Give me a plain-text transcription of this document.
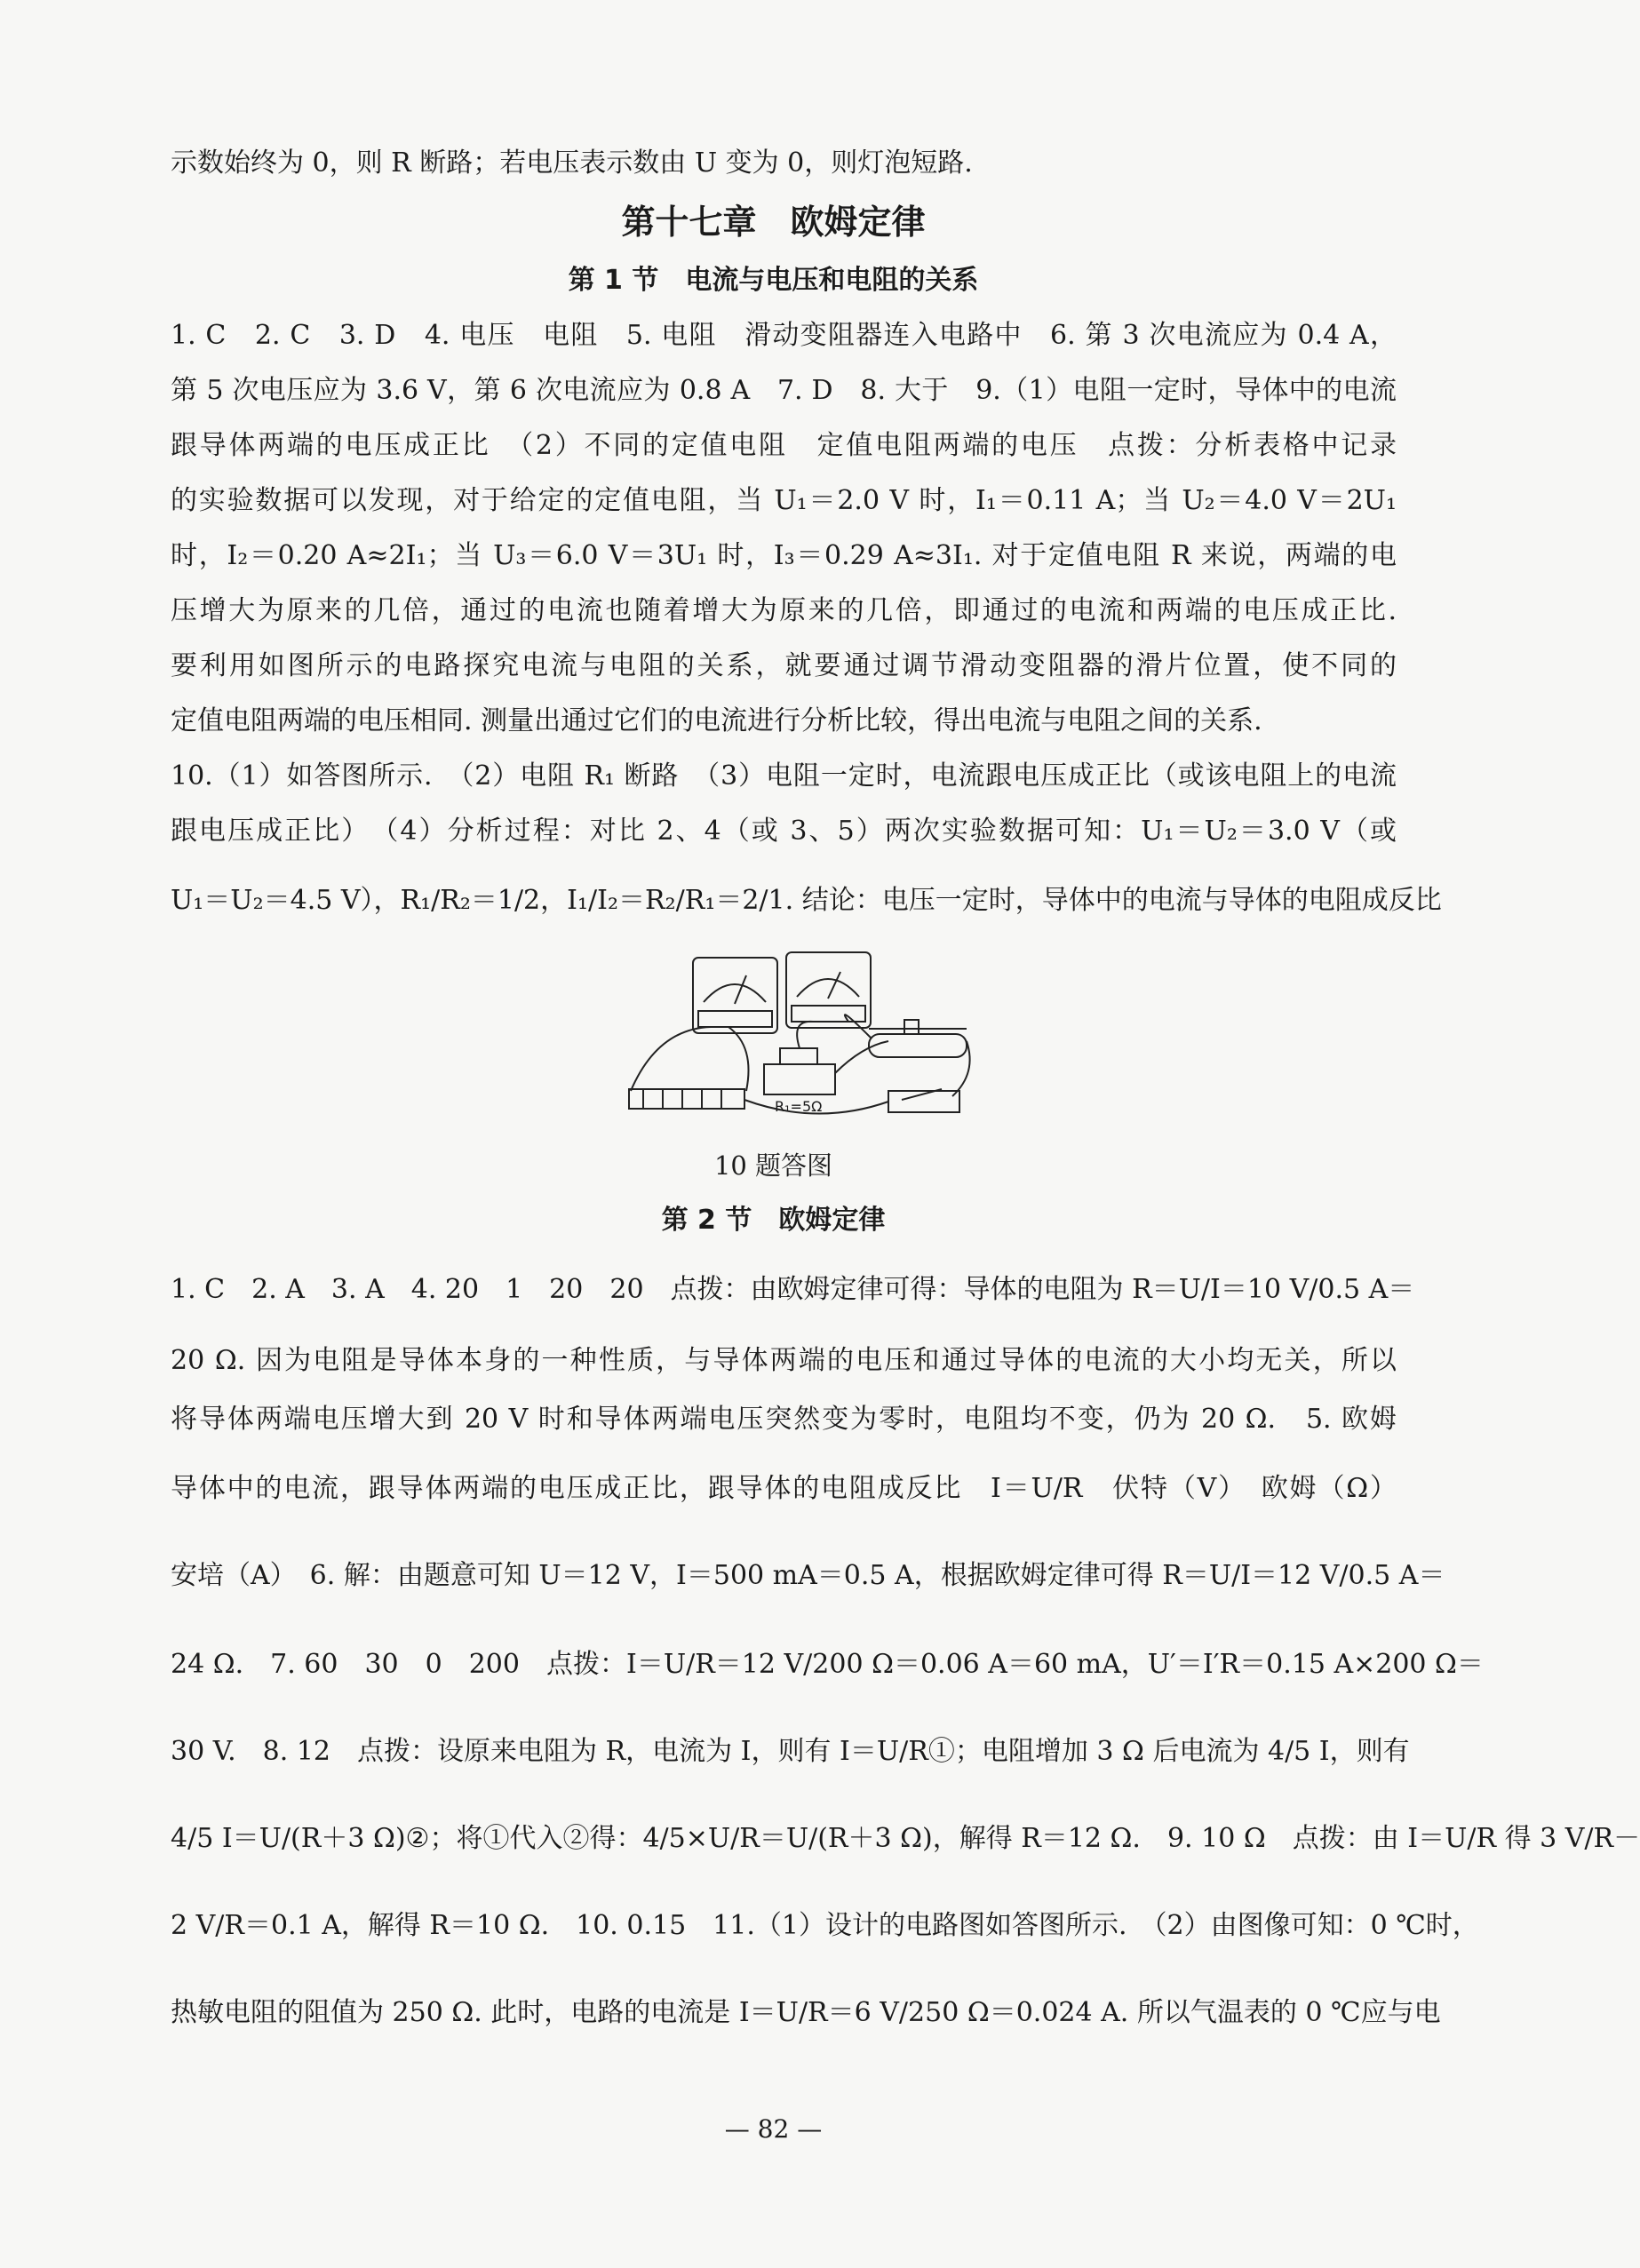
示数始终为 0，则 R 断路；若电压表示数由 U 变为 0，则灯泡短路.
第十七章　欧姆定律
第 1 节　电流与电压和电阻的关系
1. C　2. C　3. D　4. 电压　电阻　5. 电阻　滑动变阻器连入电路中　6. 第 3 次电流应为 0.4 A，
第 5 次电压应为 3.6 V，第 6 次电流应为 0.8 A　7. D　8. 大于　9.（1）电阻一定时，导体中的电流
跟导体两端的电压成正比　（2）不同的定值电阻　定值电阻两端的电压　点拨：分析表格中记录
的实验数据可以发现，对于给定的定值电阻，当 U₁＝2.0 V 时，I₁＝0.11 A；当 U₂＝4.0 V＝2U₁
时，I₂＝0.20 A≈2I₁；当 U₃＝6.0 V＝3U₁ 时，I₃＝0.29 A≈3I₁. 对于定值电阻 R 来说，两端的电
压增大为原来的几倍，通过的电流也随着增大为原来的几倍，即通过的电流和两端的电压成正比.
要利用如图所示的电路探究电流与电阻的关系，就要通过调节滑动变阻器的滑片位置，使不同的
定值电阻两端的电压相同. 测量出通过它们的电流进行分析比较，得出电流与电阻之间的关系.
10.（1）如答图所示.　（2）电阻 R₁ 断路　（3）电阻一定时，电流跟电压成正比（或该电阻上的电流
跟电压成正比）　（4）分析过程：对比 2、4（或 3、5）两次实验数据可知：U₁＝U₂＝3.0 V（或
U₁＝U₂＝4.5 V），R₁/R₂＝1/2，I₁/I₂＝R₂/R₁＝2/1. 结论：电压一定时，导体中的电流与导体的电阻成反比
R₁=5Ω
10 题答图
第 2 节　欧姆定律
1. C　2. A　3. A　4. 20　1　20　20　点拨：由欧姆定律可得：导体的电阻为 R＝U/I＝10 V/0.5 A＝
20 Ω. 因为电阻是导体本身的一种性质，与导体两端的电压和通过导体的电流的大小均无关，所以
将导体两端电压增大到 20 V 时和导体两端电压突然变为零时，电阻均不变，仍为 20 Ω.　5. 欧姆
导体中的电流，跟导体两端的电压成正比，跟导体的电阻成反比　I＝U/R　伏特（V）　欧姆（Ω）
安培（A）　6. 解：由题意可知 U＝12 V，I＝500 mA＝0.5 A，根据欧姆定律可得 R＝U/I＝12 V/0.5 A＝
24 Ω.　7. 60　30　0　200　点拨：I＝U/R＝12 V/200 Ω＝0.06 A＝60 mA，U′＝I′R＝0.15 A×200 Ω＝
30 V.　8. 12　点拨：设原来电阻为 R，电流为 I，则有 I＝U/R①；电阻增加 3 Ω 后电流为 4/5 I，则有
4/5 I＝U/(R＋3 Ω)②；将①代入②得：4/5×U/R＝U/(R＋3 Ω)，解得 R＝12 Ω.　9. 10 Ω　点拨：由 I＝U/R 得 3 V/R－
2 V/R＝0.1 A，解得 R＝10 Ω.　10. 0.15　11.（1）设计的电路图如答图所示.　（2）由图像可知：0 ℃时，
热敏电阻的阻值为 250 Ω. 此时，电路的电流是 I＝U/R＝6 V/250 Ω＝0.024 A. 所以气温表的 0 ℃应与电
— 82 —
